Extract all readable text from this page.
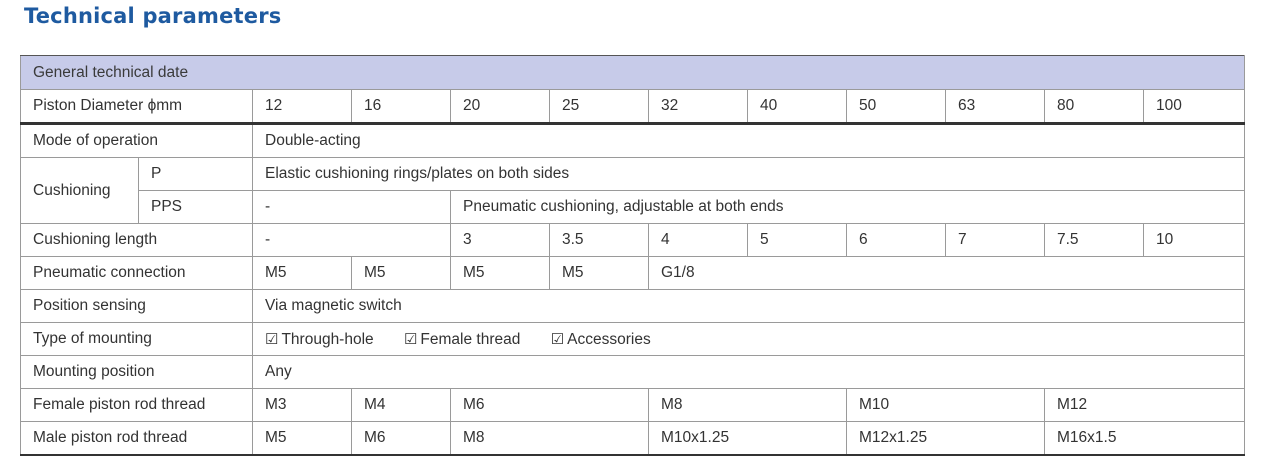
Technical parameters
General technical date											
Piston Diameter ϕmm		12	16	20	25	32	40	50	63	80	100
Mode of operation		Double-acting									
Cushioning	P	Elastic cushioning rings/plates on both sides									
	PPS	-		Pneumatic cushioning, adjustable at both ends							
Cushioning length		-		3	3.5	4	5	6	7	7.5	10
Pneumatic connection		M5	M5	M5	M5	G1/8					
Position sensing		Via magnetic switch									
Type of mounting		☑ Through-hole ☑ Female thread ☑ Accessories									
Mounting position		Any									
Female piston rod thread		M3	M4	M6		M8		M10		M12	
Male piston rod thread		M5	M6	M8		M10x1.25		M12x1.25		M16x1.5	
